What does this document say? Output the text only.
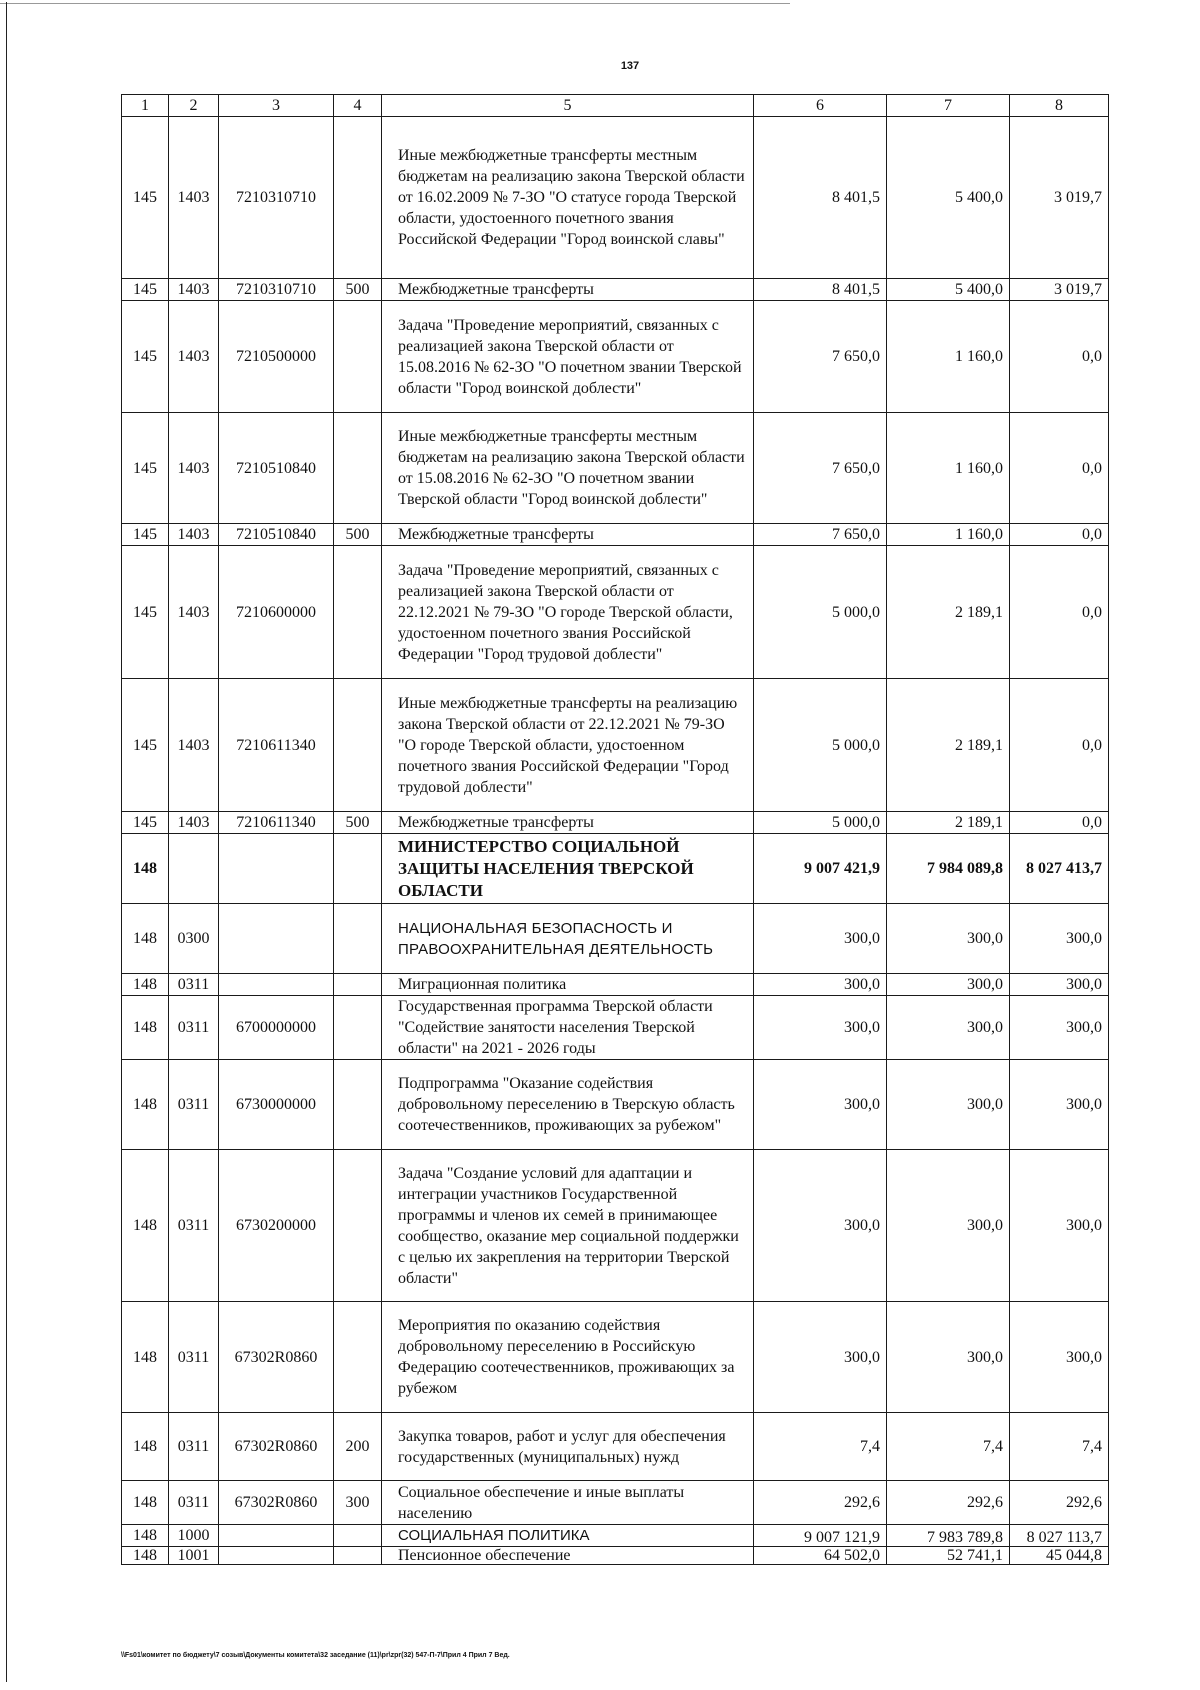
137
1	2	3	4	5	6	7	8
145	1403	7210310710		Иные межбюджетные трансферты местным бюджетам на реализацию закона Тверской области от 16.02.2009 № 7-ЗО "О статусе города Тверской области, удостоенного почетного звания Российской Федерации "Город воинской славы"	8 401,5	5 400,0	3 019,7
145	1403	7210310710	500	Межбюджетные трансферты	8 401,5	5 400,0	3 019,7
145	1403	7210500000		Задача "Проведение мероприятий, связанных с реализацией закона Тверской области от 15.08.2016 № 62-ЗО "О почетном звании Тверской области "Город воинской доблести"	7 650,0	1 160,0	0,0
145	1403	7210510840		Иные межбюджетные трансферты местным бюджетам на реализацию закона Тверской области от 15.08.2016 № 62-ЗО "О почетном звании Тверской области "Город воинской доблести"	7 650,0	1 160,0	0,0
145	1403	7210510840	500	Межбюджетные трансферты	7 650,0	1 160,0	0,0
145	1403	7210600000		Задача "Проведение мероприятий, связанных с реализацией закона Тверской области от 22.12.2021 № 79-ЗО "О городе Тверской области, удостоенном почетного звания Российской Федерации "Город трудовой доблести"	5 000,0	2 189,1	0,0
145	1403	7210611340		Иные межбюджетные трансферты на реализацию закона Тверской области от 22.12.2021 № 79-ЗО "О городе Тверской области, удостоенном почетного звания Российской Федерации "Город трудовой доблести"	5 000,0	2 189,1	0,0
145	1403	7210611340	500	Межбюджетные трансферты	5 000,0	2 189,1	0,0
148				МИНИСТЕРСТВО СОЦИАЛЬНОЙ ЗАЩИТЫ НАСЕЛЕНИЯ ТВЕРСКОЙ ОБЛАСТИ	9 007 421,9	7 984 089,8	8 027 413,7
148	0300			НАЦИОНАЛЬНАЯ БЕЗОПАСНОСТЬ И ПРАВООХРАНИТЕЛЬНАЯ ДЕЯТЕЛЬНОСТЬ	300,0	300,0	300,0
148	0311			Миграционная политика	300,0	300,0	300,0
148	0311	6700000000		Государственная программа Тверской области "Содействие занятости населения Тверской области" на 2021 - 2026 годы	300,0	300,0	300,0
148	0311	6730000000		Подпрограмма "Оказание содействия добровольному переселению в Тверскую область соотечественников, проживающих за рубежом"	300,0	300,0	300,0
148	0311	6730200000		Задача "Создание условий для адаптации и интеграции участников Государственной программы и членов их семей в принимающее сообщество, оказание мер социальной поддержки с целью их закрепления на территории Тверской области"	300,0	300,0	300,0
148	0311	67302R0860		Мероприятия по оказанию содействия добровольному переселению в Российскую Федерацию соотечественников, проживающих за рубежом	300,0	300,0	300,0
148	0311	67302R0860	200	Закупка товаров, работ и услуг для обеспечения государственных (муниципальных) нужд	7,4	7,4	7,4
148	0311	67302R0860	300	Социальное обеспечение и иные выплаты населению	292,6	292,6	292,6
148	1000			СОЦИАЛЬНАЯ ПОЛИТИКА	9 007 121,9	7 983 789,8	8 027 113,7
148	1001			Пенсионное обеспечение	64 502,0	52 741,1	45 044,8
\\Fs01\комитет по бюджету\7 созыв\Документы комитета\32 заседание (11)\pr\zpr(32) 547-П-7\Прил 4 Прил 7 Вед.
